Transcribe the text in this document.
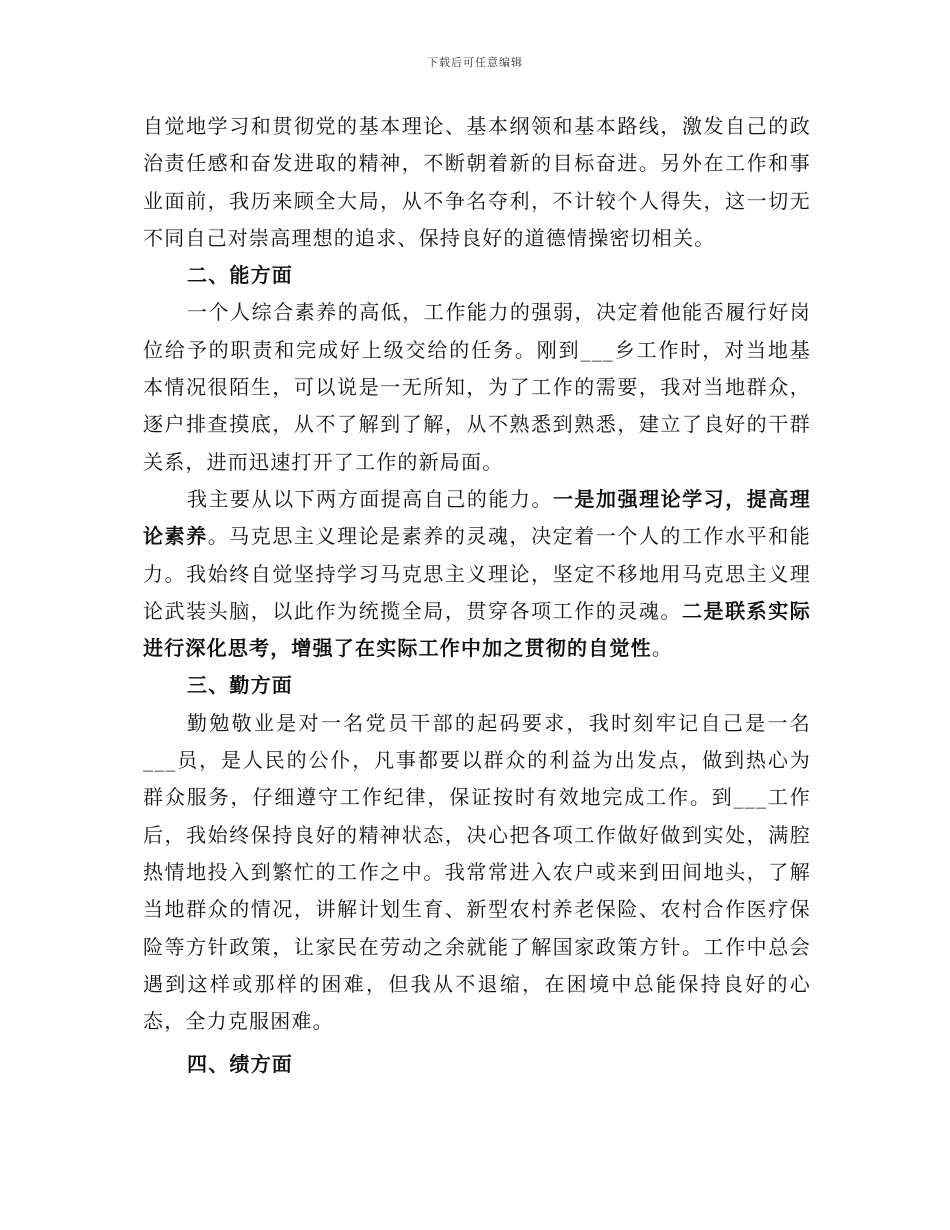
下载后可任意编辑

自觉地学习和贯彻党的基本理论、基本纲领和基本路线，激发自己的政治责任感和奋发进取的精神，不断朝着新的目标奋进。另外在工作和事业面前，我历来顾全大局，从不争名夺利，不计较个人得失，这一切无不同自己对崇高理想的追求、保持良好的道德情操密切相关。

二、能方面

一个人综合素养的高低，工作能力的强弱，决定着他能否履行好岗位给予的职责和完成好上级交给的任务。刚到___乡工作时，对当地基本情况很陌生，可以说是一无所知，为了工作的需要，我对当地群众，逐户排查摸底，从不了解到了解，从不熟悉到熟悉，建立了良好的干群关系，进而迅速打开了工作的新局面。

我主要从以下两方面提高自己的能力。一是加强理论学习，提高理论素养。马克思主义理论是素养的灵魂，决定着一个人的工作水平和能力。我始终自觉坚持学习马克思主义理论，坚定不移地用马克思主义理论武装头脑，以此作为统揽全局，贯穿各项工作的灵魂。二是联系实际进行深化思考，增强了在实际工作中加之贯彻的自觉性。

三、勤方面

勤勉敬业是对一名党员干部的起码要求，我时刻牢记自己是一名___员，是人民的公仆，凡事都要以群众的利益为出发点，做到热心为群众服务，仔细遵守工作纪律，保证按时有效地完成工作。到___工作后，我始终保持良好的精神状态，决心把各项工作做好做到实处，满腔热情地投入到繁忙的工作之中。我常常进入农户或来到田间地头，了解当地群众的情况，讲解计划生育、新型农村养老保险、农村合作医疗保险等方针政策，让家民在劳动之余就能了解国家政策方针。工作中总会遇到这样或那样的困难，但我从不退缩，在困境中总能保持良好的心态，全力克服困难。

四、绩方面
